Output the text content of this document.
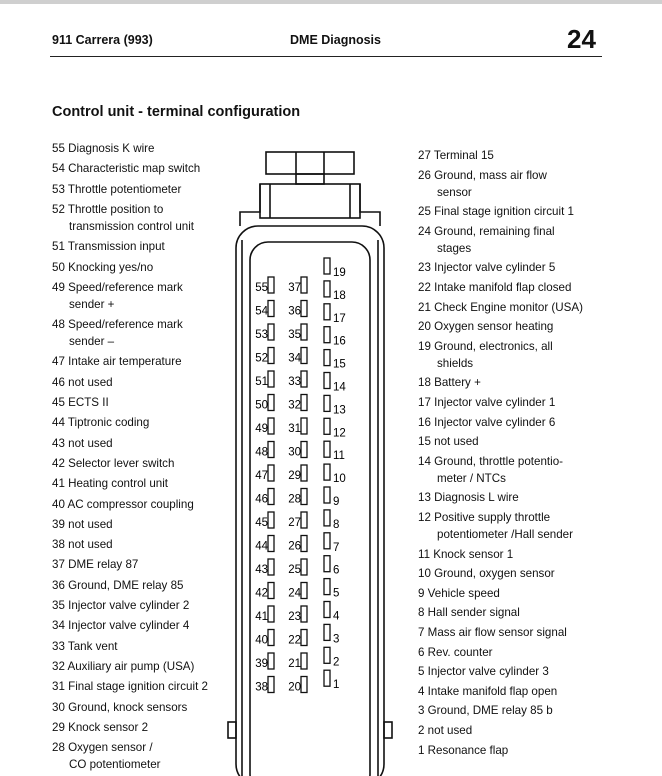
911 Carrera (993)	DME Diagnosis	24
Control unit - terminal configuration
55 Diagnosis K wire
54 Characteristic map switch
53 Throttle potentiometer
52 Throttle position to
transmission control unit
51 Transmission input
50 Knocking yes/no
49 Speed/reference mark
sender +
48 Speed/reference mark
sender –
47 Intake air temperature
46 not used
45 ECTS II
44 Tiptronic coding
43 not used
42 Selector lever switch
41 Heating control unit
40 AC compressor coupling
39 not used
38 not used
37 DME relay 87
36 Ground, DME relay 85
35 Injector valve cylinder 2
34 Injector valve cylinder 4
33 Tank vent
32 Auxiliary air pump (USA)
31 Final stage ignition circuit 2
30 Ground, knock sensors
29 Knock sensor 2
28 Oxygen sensor /
CO potentiometer
27 Terminal 15
26 Ground, mass air flow
sensor
25 Final stage ignition circuit 1
24 Ground, remaining final
stages
23 Injector valve cylinder 5
22 Intake manifold flap closed
21 Check Engine monitor (USA)
20 Oxygen sensor heating
19 Ground, electronics, all
shields
18 Battery +
17 Injector valve cylinder 1
16 Injector valve cylinder 6
15 not used
14 Ground, throttle potentio-
meter / NTCs
13 Diagnosis L wire
12 Positive supply throttle
potentiometer /Hall sender
11 Knock sensor 1
10 Ground, oxygen sensor
9 Vehicle speed
8 Hall sender signal
7 Mass air flow sensor signal
6 Rev. counter
5 Injector valve cylinder 3
4 Intake manifold flap open
3 Ground, DME relay 85 b
2 not used
1 Resonance flap
55
54
53
52
51
50
49
48
47
46
45
44
43
42
41
40
39
38
37
36
35
34
33
32
31
30
29
28
27
26
25
24
23
22
21
20
19
18
17
16
15
14
13
12
11
10
9
8
7
6
5
4
3
2
1
